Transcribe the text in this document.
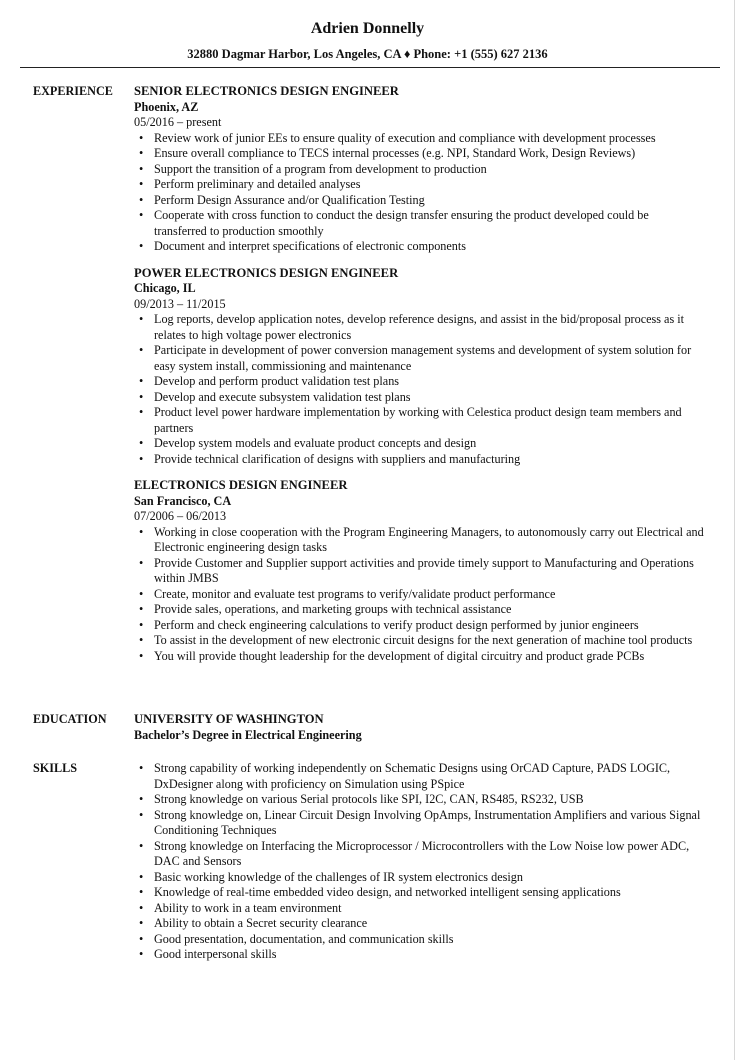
Adrien Donnelly
32880 Dagmar Harbor, Los Angeles, CA ♦ Phone: +1 (555) 627 2136
EXPERIENCE SENIOR ELECTRONICS DESIGN ENGINEER
Phoenix, AZ
05/2016 – present
• Review work of junior EEs to ensure quality of execution and compliance with development processes
• Ensure overall compliance to TECS internal processes (e.g. NPI, Standard Work, Design Reviews)
• Support the transition of a program from development to production
• Perform preliminary and detailed analyses
• Perform Design Assurance and/or Qualification Testing
• Cooperate with cross function to conduct the design transfer ensuring the product developed could be transferred to production smoothly
• Document and interpret specifications of electronic components
POWER ELECTRONICS DESIGN ENGINEER
Chicago, IL
09/2013 – 11/2015
• Log reports, develop application notes, develop reference designs, and assist in the bid/proposal process as it relates to high voltage power electronics
• Participate in development of power conversion management systems and development of system solution for easy system install, commissioning and maintenance
• Develop and perform product validation test plans
• Develop and execute subsystem validation test plans
• Product level power hardware implementation by working with Celestica product design team members and partners
• Develop system models and evaluate product concepts and design
• Provide technical clarification of designs with suppliers and manufacturing
ELECTRONICS DESIGN ENGINEER
San Francisco, CA
07/2006 – 06/2013
• Working in close cooperation with the Program Engineering Managers, to autonomously carry out Electrical and Electronic engineering design tasks
• Provide Customer and Supplier support activities and provide timely support to Manufacturing and Operations within JMBS
• Create, monitor and evaluate test programs to verify/validate product performance
• Provide sales, operations, and marketing groups with technical assistance
• Perform and check engineering calculations to verify product design performed by junior engineers
• To assist in the development of new electronic circuit designs for the next generation of machine tool products
• You will provide thought leadership for the development of digital circuitry and product grade PCBs
EDUCATION UNIVERSITY OF WASHINGTON
Bachelor’s Degree in Electrical Engineering
SKILLS	• Strong capability of working independently on Schematic Designs using OrCAD Capture, PADS LOGIC, DxDesigner along with proficiency on Simulation using PSpice
• Strong knowledge on various Serial protocols like SPI, I2C, CAN, RS485, RS232, USB
• Strong knowledge on, Linear Circuit Design Involving OpAmps, Instrumentation Amplifiers and various Signal Conditioning Techniques
• Strong knowledge on Interfacing the Microprocessor / Microcontrollers with the Low Noise low power ADC, DAC and Sensors
• Basic working knowledge of the challenges of IR system electronics design
• Knowledge of real-time embedded video design, and networked intelligent sensing applications
• Ability to work in a team environment
• Ability to obtain a Secret security clearance
• Good presentation, documentation, and communication skills
• Good interpersonal skills
